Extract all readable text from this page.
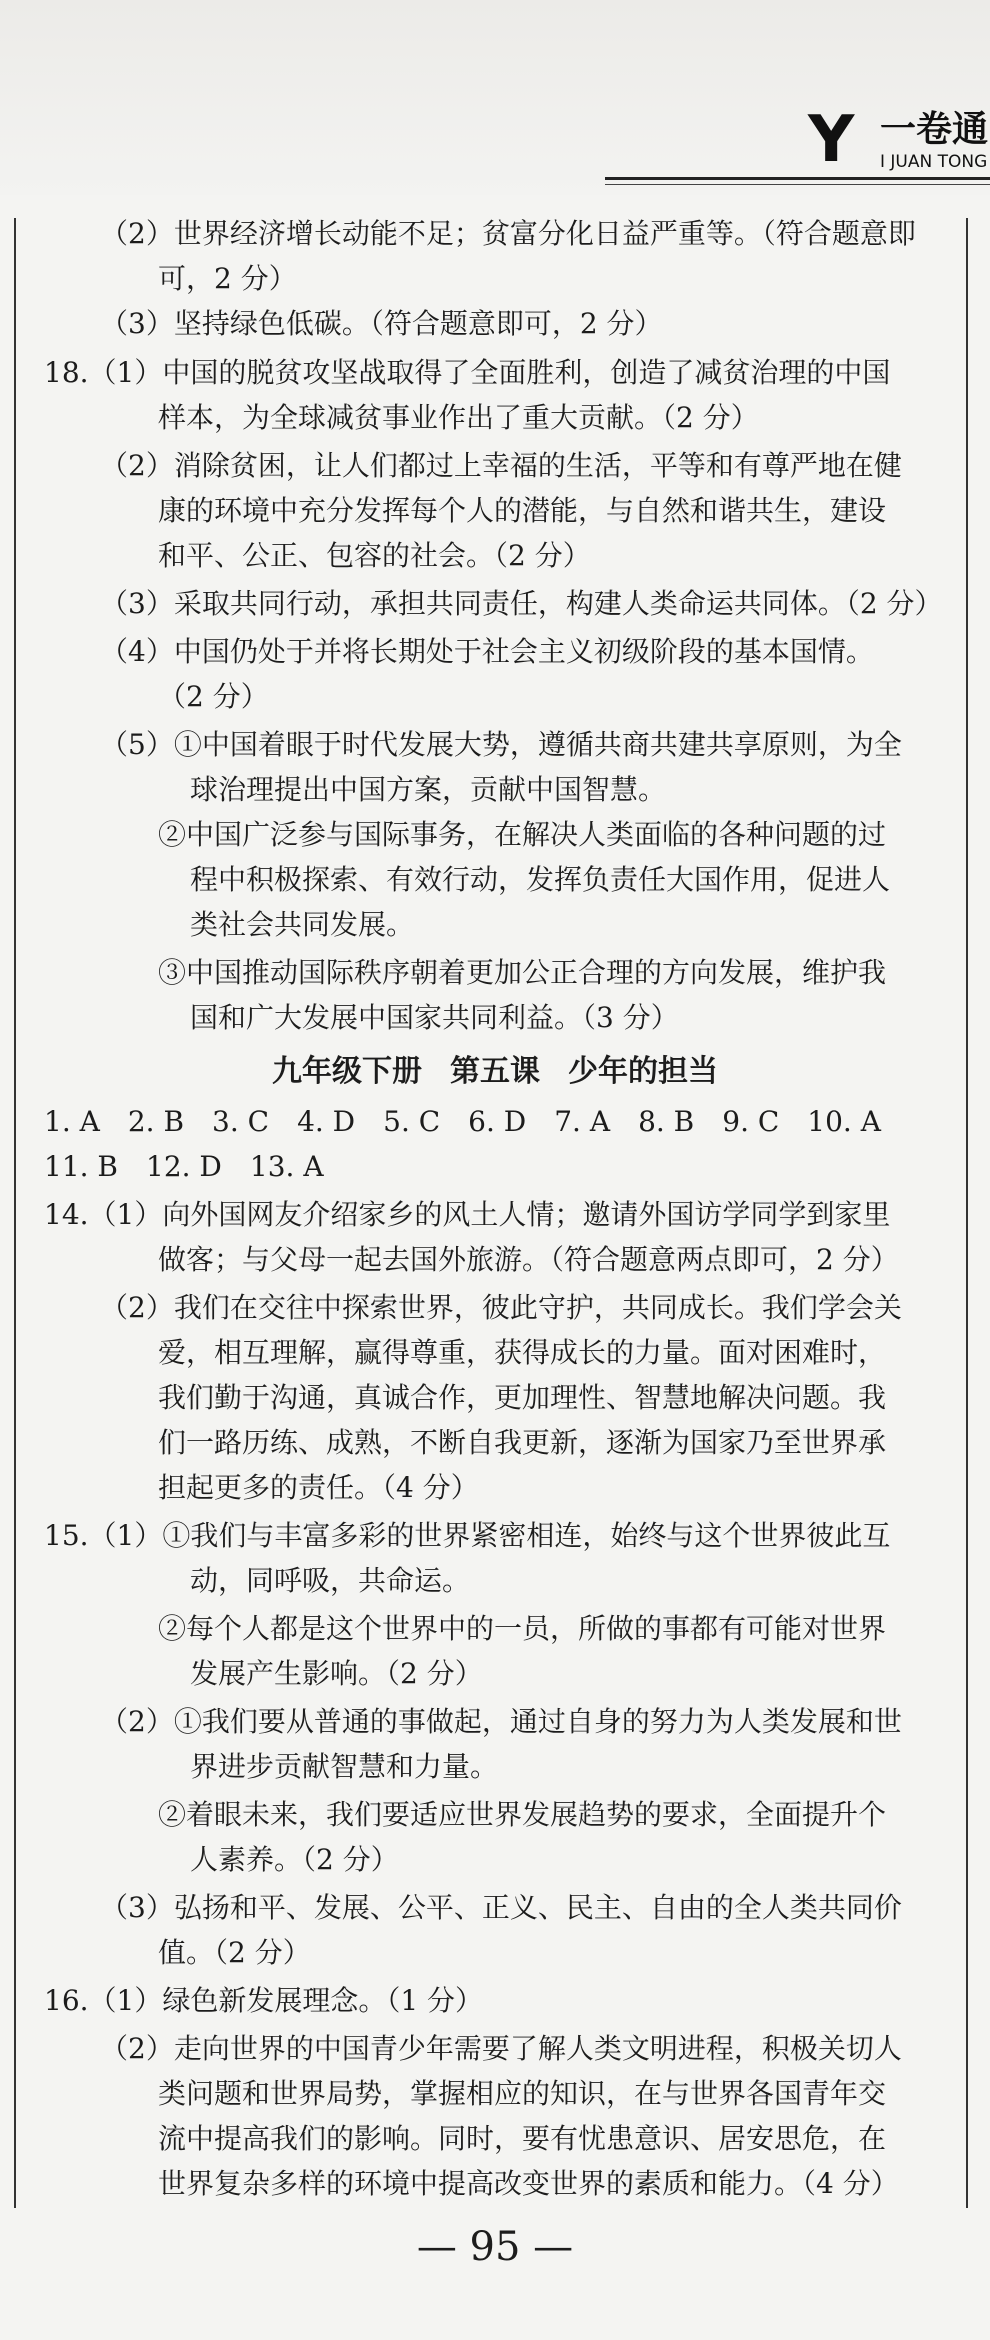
Y 一卷通
I JUAN TONG
（2）世界经济增长动能不足；贫富分化日益严重等。（符合题意即
可，2 分）
（3）坚持绿色低碳。（符合题意即可，2 分）
18.（1）中国的脱贫攻坚战取得了全面胜利，创造了减贫治理的中国
样本，为全球减贫事业作出了重大贡献。（2 分）
（2）消除贫困，让人们都过上幸福的生活，平等和有尊严地在健
康的环境中充分发挥每个人的潜能，与自然和谐共生，建设
和平、公正、包容的社会。（2 分）
（3）采取共同行动，承担共同责任，构建人类命运共同体。（2 分）
（4）中国仍处于并将长期处于社会主义初级阶段的基本国情。
（2 分）
（5）①中国着眼于时代发展大势，遵循共商共建共享原则，为全
球治理提出中国方案，贡献中国智慧。
②中国广泛参与国际事务，在解决人类面临的各种问题的过
程中积极探索、有效行动，发挥负责任大国作用，促进人
类社会共同发展。
③中国推动国际秩序朝着更加公正合理的方向发展，维护我
国和广大发展中国家共同利益。（3 分）
九年级下册 第五课 少年的担当
1. A　2. B　3. C　4. D　5. C　6. D　7. A　8. B　9. C　10. A
11. B　12. D　13. A
14.（1）向外国网友介绍家乡的风土人情；邀请外国访学同学到家里
做客；与父母一起去国外旅游。（符合题意两点即可，2 分）
（2）我们在交往中探索世界，彼此守护，共同成长。我们学会关
爱，相互理解，赢得尊重，获得成长的力量。面对困难时，
我们勤于沟通，真诚合作，更加理性、智慧地解决问题。我
们一路历练、成熟，不断自我更新，逐渐为国家乃至世界承
担起更多的责任。（4 分）
15.（1）①我们与丰富多彩的世界紧密相连，始终与这个世界彼此互
动，同呼吸，共命运。
②每个人都是这个世界中的一员，所做的事都有可能对世界
发展产生影响。（2 分）
（2）①我们要从普通的事做起，通过自身的努力为人类发展和世
界进步贡献智慧和力量。
②着眼未来，我们要适应世界发展趋势的要求，全面提升个
人素养。（2 分）
（3）弘扬和平、发展、公平、正义、民主、自由的全人类共同价
值。（2 分）
16.（1）绿色新发展理念。（1 分）
（2）走向世界的中国青少年需要了解人类文明进程，积极关切人
类问题和世界局势，掌握相应的知识，在与世界各国青年交
流中提高我们的影响。同时，要有忧患意识、居安思危，在
世界复杂多样的环境中提高改变世界的素质和能力。（4 分）
— 95 —
